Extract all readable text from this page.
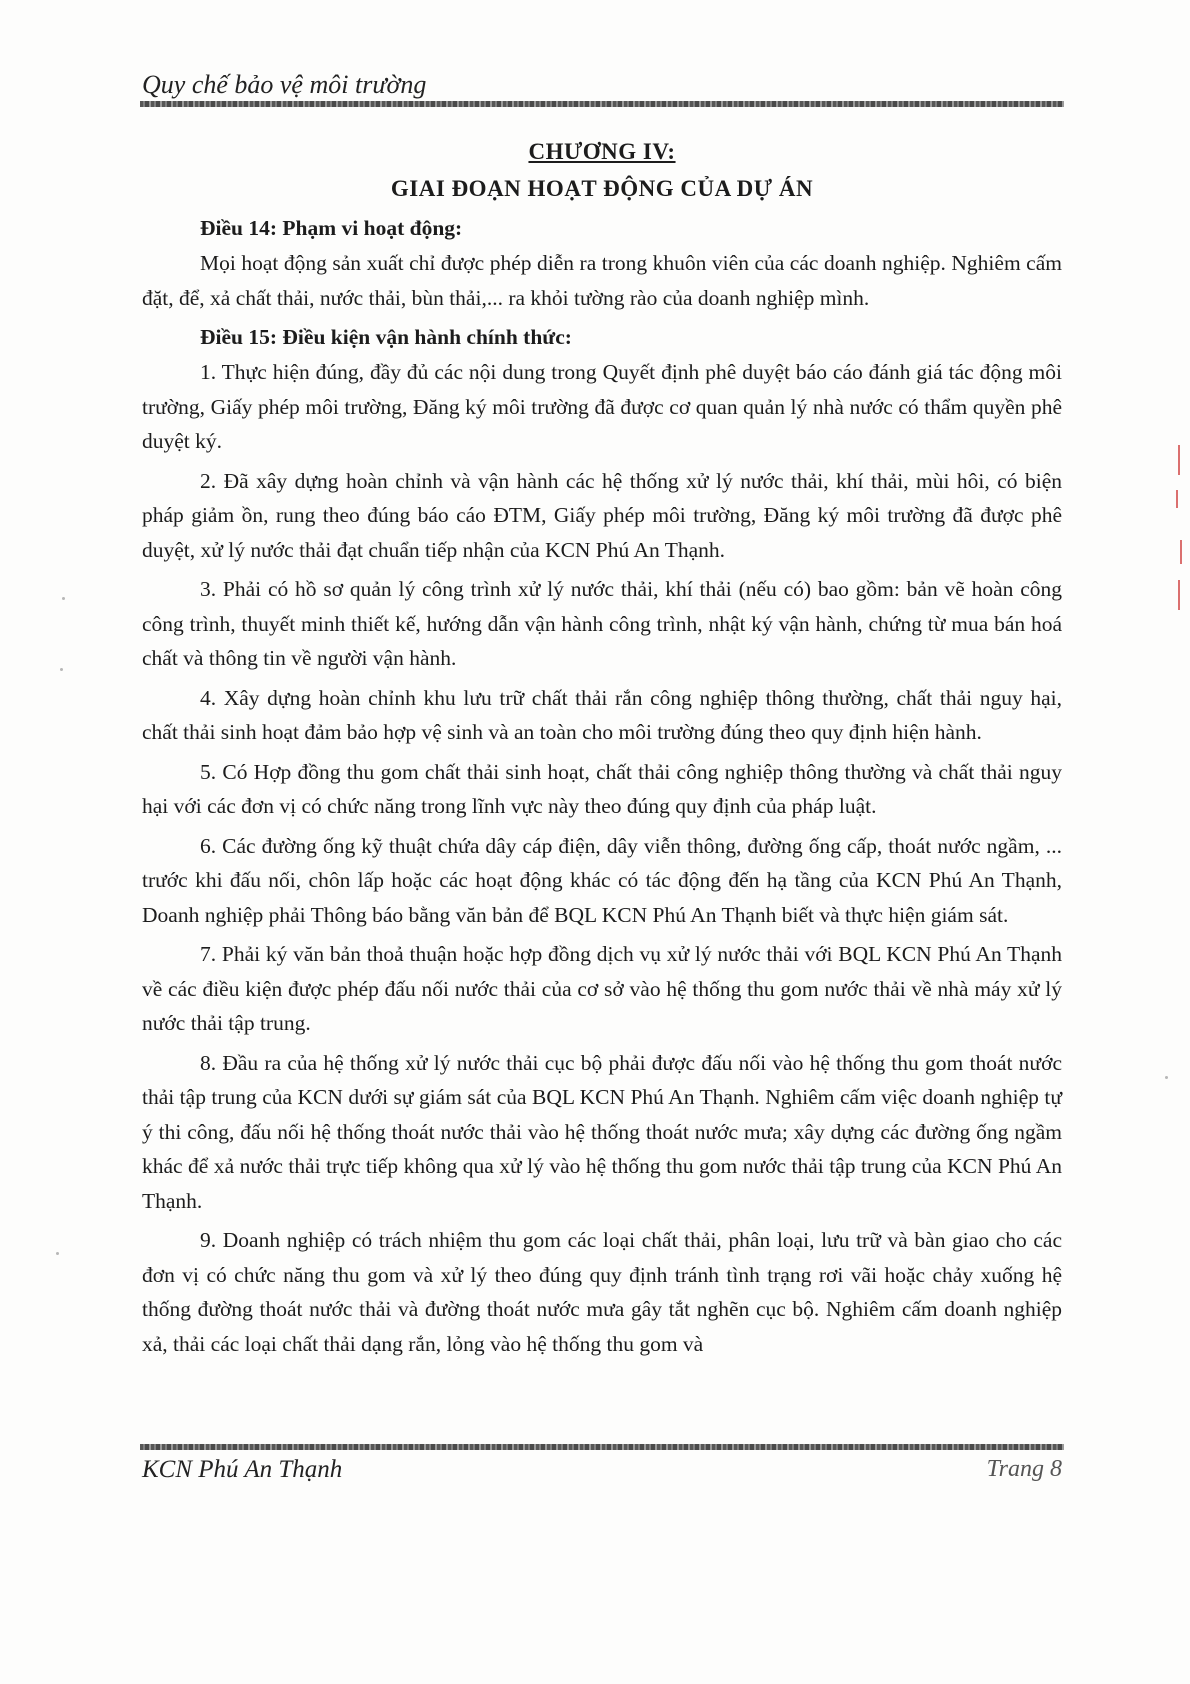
Quy chế bảo vệ môi trường
CHƯƠNG IV:
GIAI ĐOẠN HOẠT ĐỘNG CỦA DỰ ÁN
Điều 14: Phạm vi hoạt động:

Mọi hoạt động sản xuất chỉ được phép diễn ra trong khuôn viên của các doanh nghiệp. Nghiêm cấm đặt, để, xả chất thải, nước thải, bùn thải,... ra khỏi tường rào của doanh nghiệp mình.

Điều 15: Điều kiện vận hành chính thức:

1. Thực hiện đúng, đầy đủ các nội dung trong Quyết định phê duyệt báo cáo đánh giá tác động môi trường, Giấy phép môi trường, Đăng ký môi trường đã được cơ quan quản lý nhà nước có thẩm quyền phê duyệt ký.

2. Đã xây dựng hoàn chỉnh và vận hành các hệ thống xử lý nước thải, khí thải, mùi hôi, có biện pháp giảm ồn, rung theo đúng báo cáo ĐTM, Giấy phép môi trường, Đăng ký môi trường đã được phê duyệt, xử lý nước thải đạt chuẩn tiếp nhận của KCN Phú An Thạnh.

3. Phải có hồ sơ quản lý công trình xử lý nước thải, khí thải (nếu có) bao gồm: bản vẽ hoàn công công trình, thuyết minh thiết kế, hướng dẫn vận hành công trình, nhật ký vận hành, chứng từ mua bán hoá chất và thông tin về người vận hành.

4. Xây dựng hoàn chỉnh khu lưu trữ chất thải rắn công nghiệp thông thường, chất thải nguy hại, chất thải sinh hoạt đảm bảo hợp vệ sinh và an toàn cho môi trường đúng theo quy định hiện hành.

5. Có Hợp đồng thu gom chất thải sinh hoạt, chất thải công nghiệp thông thường và chất thải nguy hại với các đơn vị có chức năng trong lĩnh vực này theo đúng quy định của pháp luật.

6. Các đường ống kỹ thuật chứa dây cáp điện, dây viễn thông, đường ống cấp, thoát nước ngầm, ... trước khi đấu nối, chôn lấp hoặc các hoạt động khác có tác động đến hạ tầng của KCN Phú An Thạnh, Doanh nghiệp phải Thông báo bằng văn bản để BQL KCN Phú An Thạnh biết và thực hiện giám sát.

7. Phải ký văn bản thoả thuận hoặc hợp đồng dịch vụ xử lý nước thải với BQL KCN Phú An Thạnh về các điều kiện được phép đấu nối nước thải của cơ sở vào hệ thống thu gom nước thải về nhà máy xử lý nước thải tập trung.

8. Đầu ra của hệ thống xử lý nước thải cục bộ phải được đấu nối vào hệ thống thu gom thoát nước thải tập trung của KCN dưới sự giám sát của BQL KCN Phú An Thạnh. Nghiêm cấm việc doanh nghiệp tự ý thi công, đấu nối hệ thống thoát nước thải vào hệ thống thoát nước mưa; xây dựng các đường ống ngầm khác để xả nước thải trực tiếp không qua xử lý vào hệ thống thu gom nước thải tập trung của KCN Phú An Thạnh.

9. Doanh nghiệp có trách nhiệm thu gom các loại chất thải, phân loại, lưu trữ và bàn giao cho các đơn vị có chức năng thu gom và xử lý theo đúng quy định tránh tình trạng rơi vãi hoặc chảy xuống hệ thống đường thoát nước thải và đường thoát nước mưa gây tắt nghẽn cục bộ. Nghiêm cấm doanh nghiệp xả, thải các loại chất thải dạng rắn, lỏng vào hệ thống thu gom và

KCN Phú An Thạnh	Trang 8
